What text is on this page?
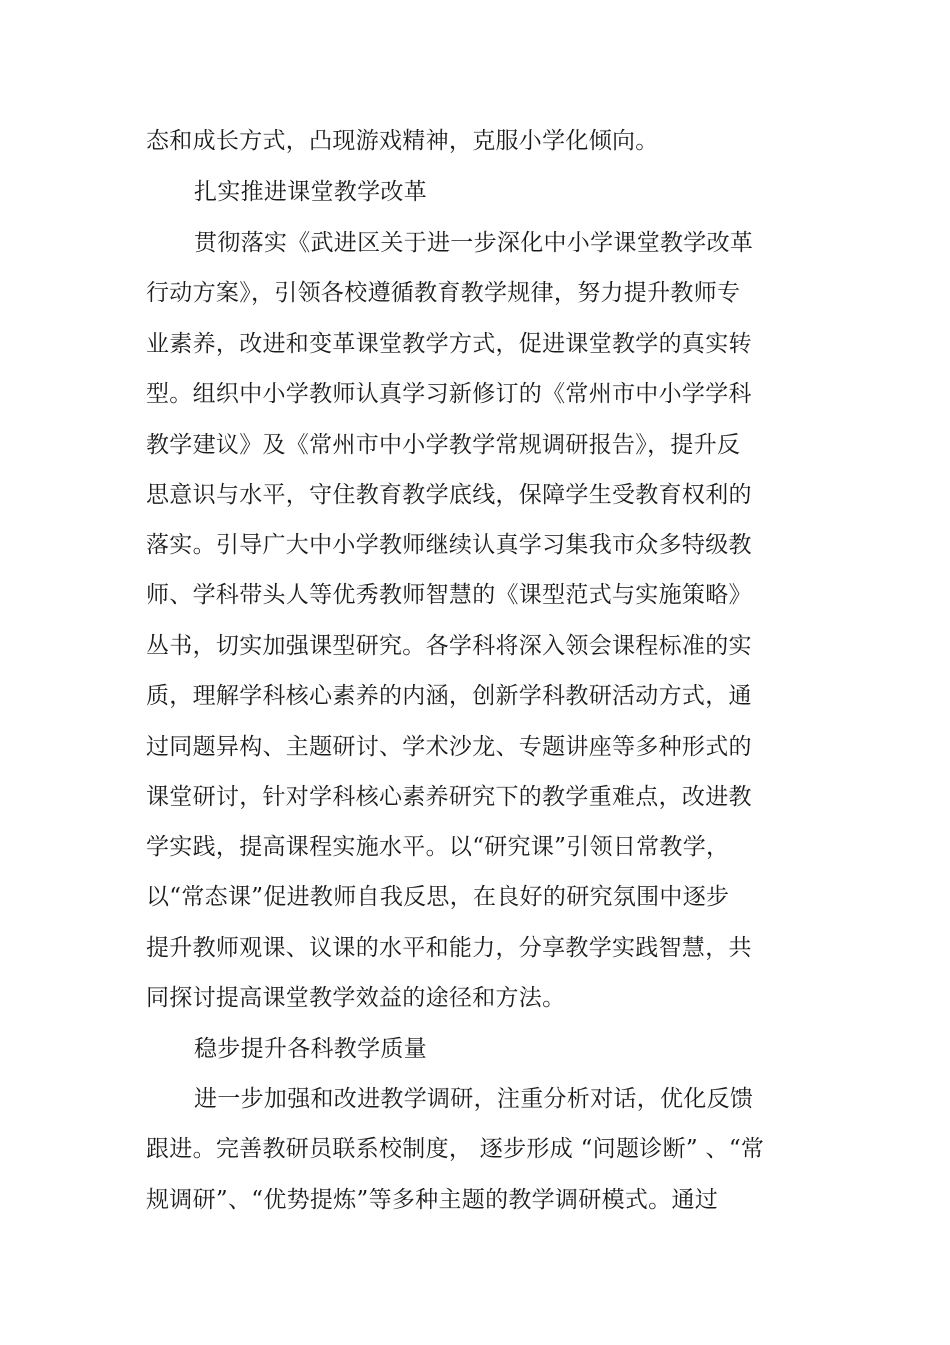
态和成长方式，凸现游戏精神，克服小学化倾向。
扎实推进课堂教学改革
贯彻落实《武进区关于进一步深化中小学课堂教学改革
行动方案》，引领各校遵循教育教学规律，努力提升教师专
业素养，改进和变革课堂教学方式，促进课堂教学的真实转
型。组织中小学教师认真学习新修订的《常州市中小学学科
教学建议》及《常州市中小学教学常规调研报告》，提升反
思意识与水平，守住教育教学底线，保障学生受教育权利的
落实。引导广大中小学教师继续认真学习集我市众多特级教
师、学科带头人等优秀教师智慧的《课型范式与实施策略》
丛书，切实加强课型研究。各学科将深入领会课程标准的实
质，理解学科核心素养的内涵，创新学科教研活动方式，通
过同题异构、主题研讨、学术沙龙、专题讲座等多种形式的
课堂研讨，针对学科核心素养研究下的教学重难点，改进教
学实践，提高课程实施水平。以“研究课”引领日常教学，
以“常态课”促进教师自我反思，在良好的研究氛围中逐步
提升教师观课、议课的水平和能力，分享教学实践智慧，共
同探讨提高课堂教学效益的途径和方法。
稳步提升各科教学质量
进一步加强和改进教学调研，注重分析对话，优化反馈
跟进。完善教研员联系校制度， 逐步形成 “问题诊断” 、“常
规调研”、“优势提炼”等多种主题的教学调研模式。通过
